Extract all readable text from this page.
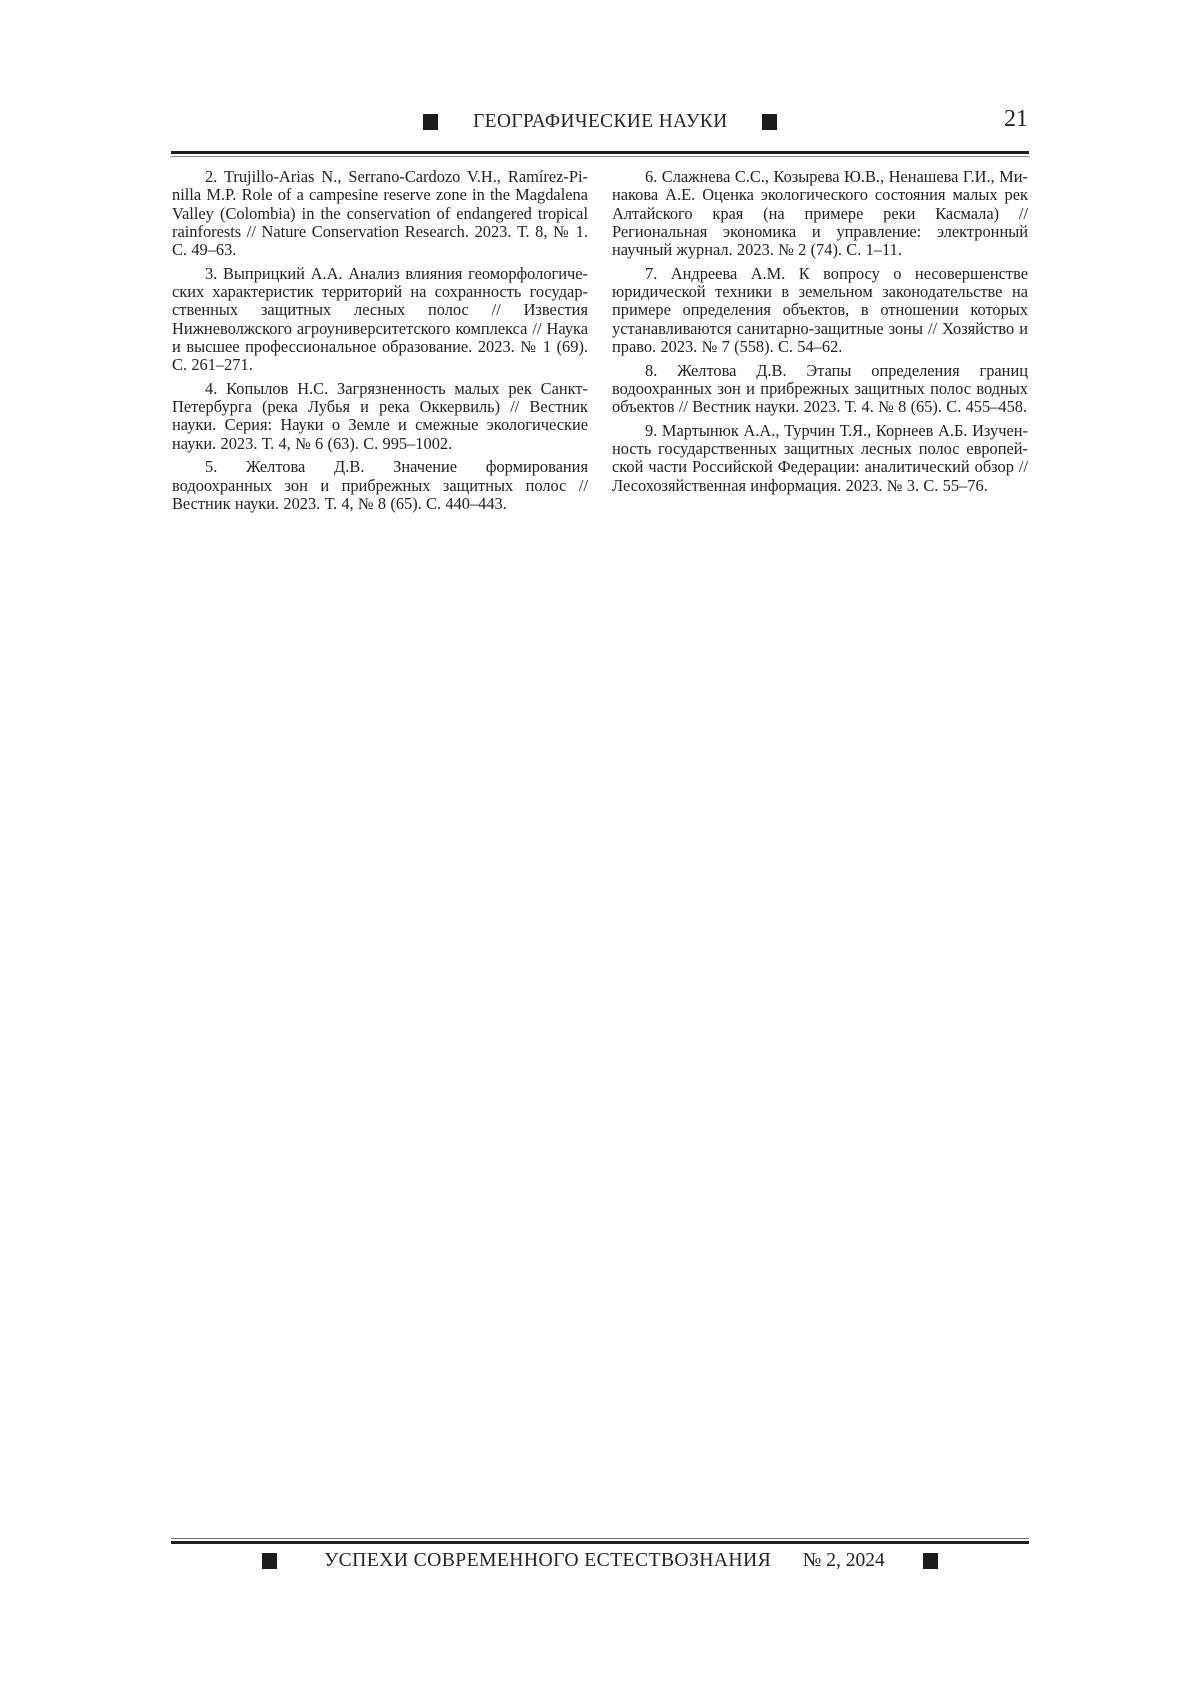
ГЕОГРАФИЧЕСКИЕ НАУКИ	21

2. Trujillo-Arias N., Serrano-Cardozo V.H., Ramírez-Pinilla M.P. Role of a campesine reserve zone in the Magdalena Valley (Colombia) in the conservation of endangered tropical rainforests // Nature Conservation Research. 2023. Т. 8, № 1. С. 49–63.

3. Выприцкий А.А. Анализ влияния геоморфологических характеристик территорий на сохранность государственных защитных лесных полос // Известия Нижневолжского агроуниверситетского комплекса // Наука и высшее профессиональное образование. 2023. № 1 (69). С. 261–271.

4. Копылов Н.С. Загрязненность малых рек Санкт-Петербурга (река Лубья и река Оккервиль) // Вестник науки. Серия: Науки о Земле и смежные экологические науки. 2023. Т. 4, № 6 (63). С. 995–1002.

5. Желтова Д.В. Значение формирования водоохранных зон и прибрежных защитных полос // Вестник науки. 2023. Т. 4, № 8 (65). С. 440–443.

6. Слажнева С.С., Козырева Ю.В., Ненашева Г.И., Минакова А.Е. Оценка экологического состояния малых рек Алтайского края (на примере реки Касмала) // Региональная экономика и управление: электронный научный журнал. 2023. № 2 (74). С. 1–11.

7. Андреева А.М. К вопросу о несовершенстве юридической техники в земельном законодательстве на примере определения объектов, в отношении которых устанавливаются санитарно-защитные зоны // Хозяйство и право. 2023. № 7 (558). С. 54–62.

8. Желтова Д.В. Этапы определения границ водоохранных зон и прибрежных защитных полос водных объектов // Вестник науки. 2023. Т. 4. № 8 (65). С. 455–458.

9. Мартынюк А.А., Турчин Т.Я., Корнеев А.Б. Изученность государственных защитных лесных полос европейской части Российской Федерации: аналитический обзор // Лесохозяйственная информация. 2023. № 3. С. 55–76.

УСПЕХИ СОВРЕМЕННОГО ЕСТЕСТВОЗНАНИЯ № 2, 2024
